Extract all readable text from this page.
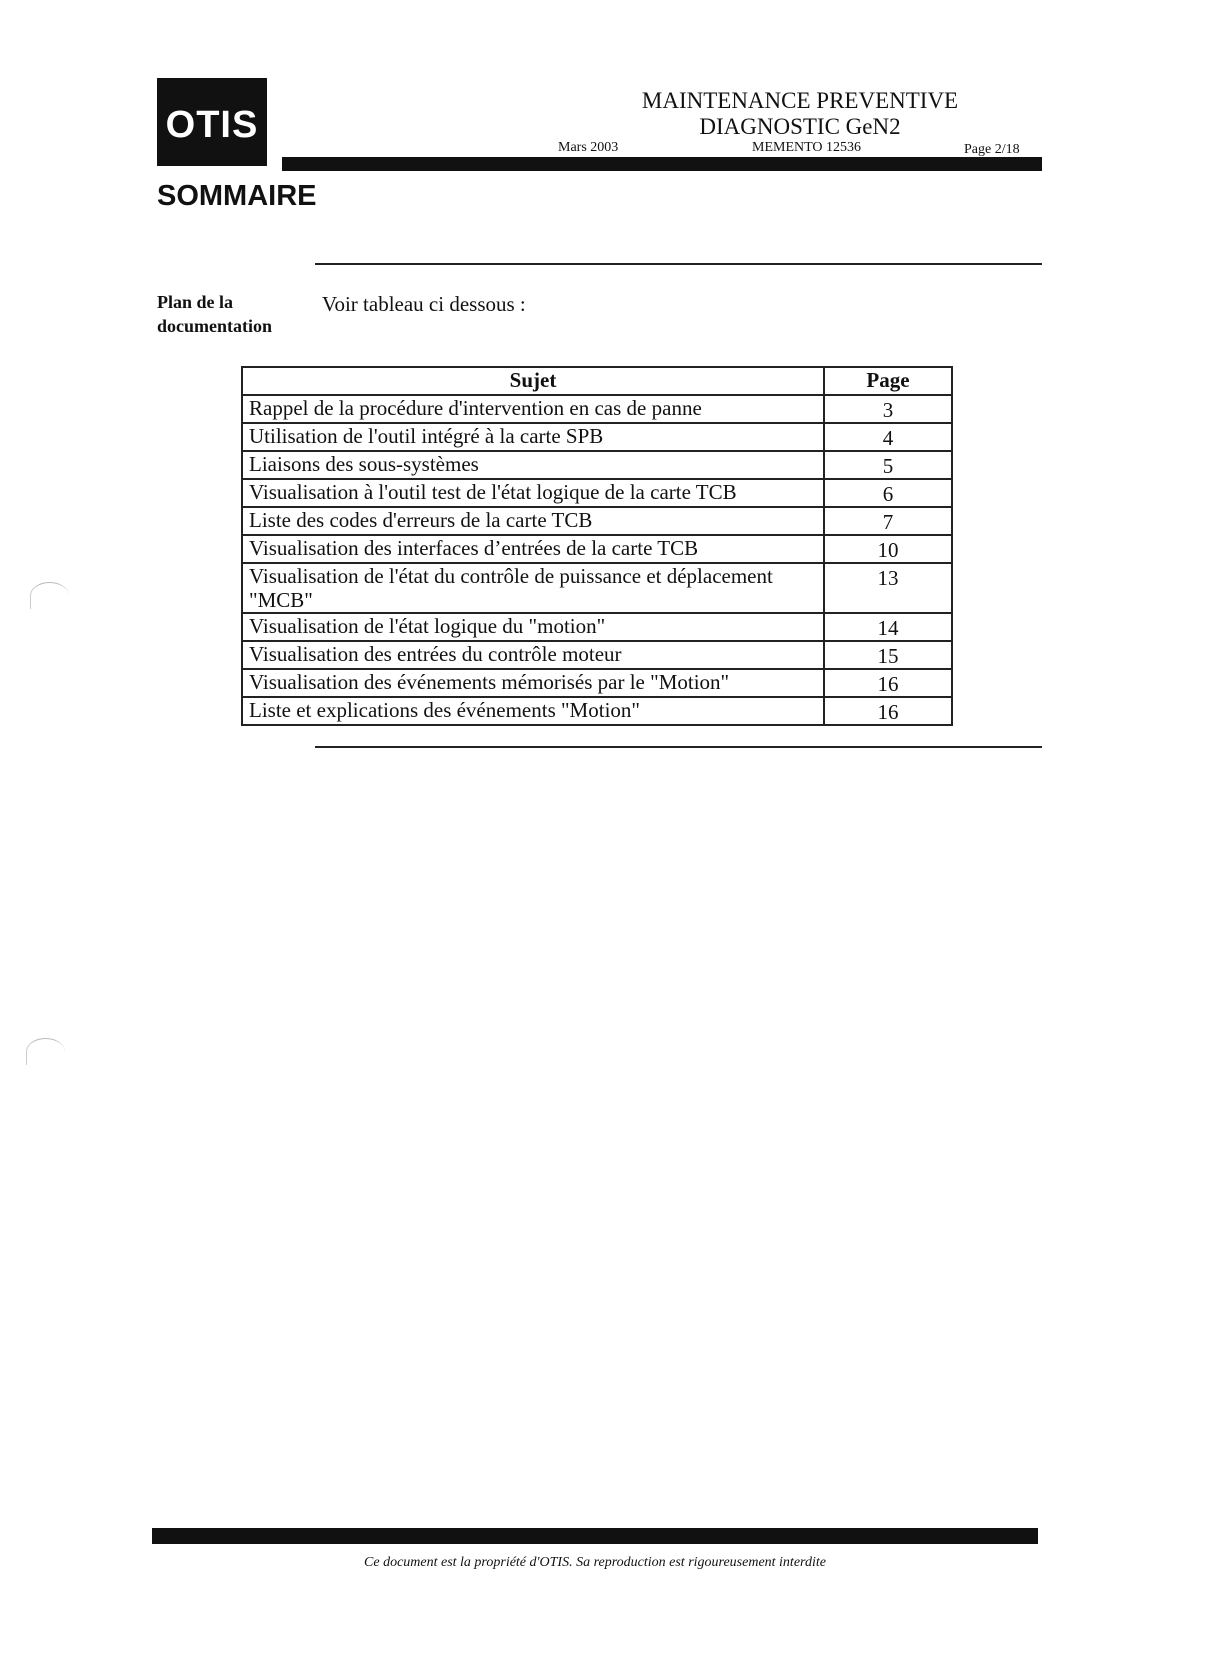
OTIS
MAINTENANCE PREVENTIVE
DIAGNOSTIC GeN2
Mars 2003	MEMENTO 12536	Page 2/18
SOMMAIRE
Plan de la
documentation
Voir tableau ci dessous :
Sujet	Page
Rappel de la procédure d'intervention en cas de panne	3
Utilisation de l'outil intégré à la carte SPB	4
Liaisons des sous-systèmes	5
Visualisation à l'outil test de l'état logique de la carte TCB	6
Liste des codes d'erreurs de la carte TCB	7
Visualisation des interfaces d’entrées de la carte TCB	10
Visualisation de l'état du contrôle de puissance et déplacement "MCB"	13
Visualisation de l'état logique du "motion"	14
Visualisation des entrées du contrôle moteur	15
Visualisation des événements mémorisés par le "Motion"	16
Liste et explications des événements "Motion"	16
Ce document est la propriété d'OTIS. Sa reproduction est rigoureusement interdite
